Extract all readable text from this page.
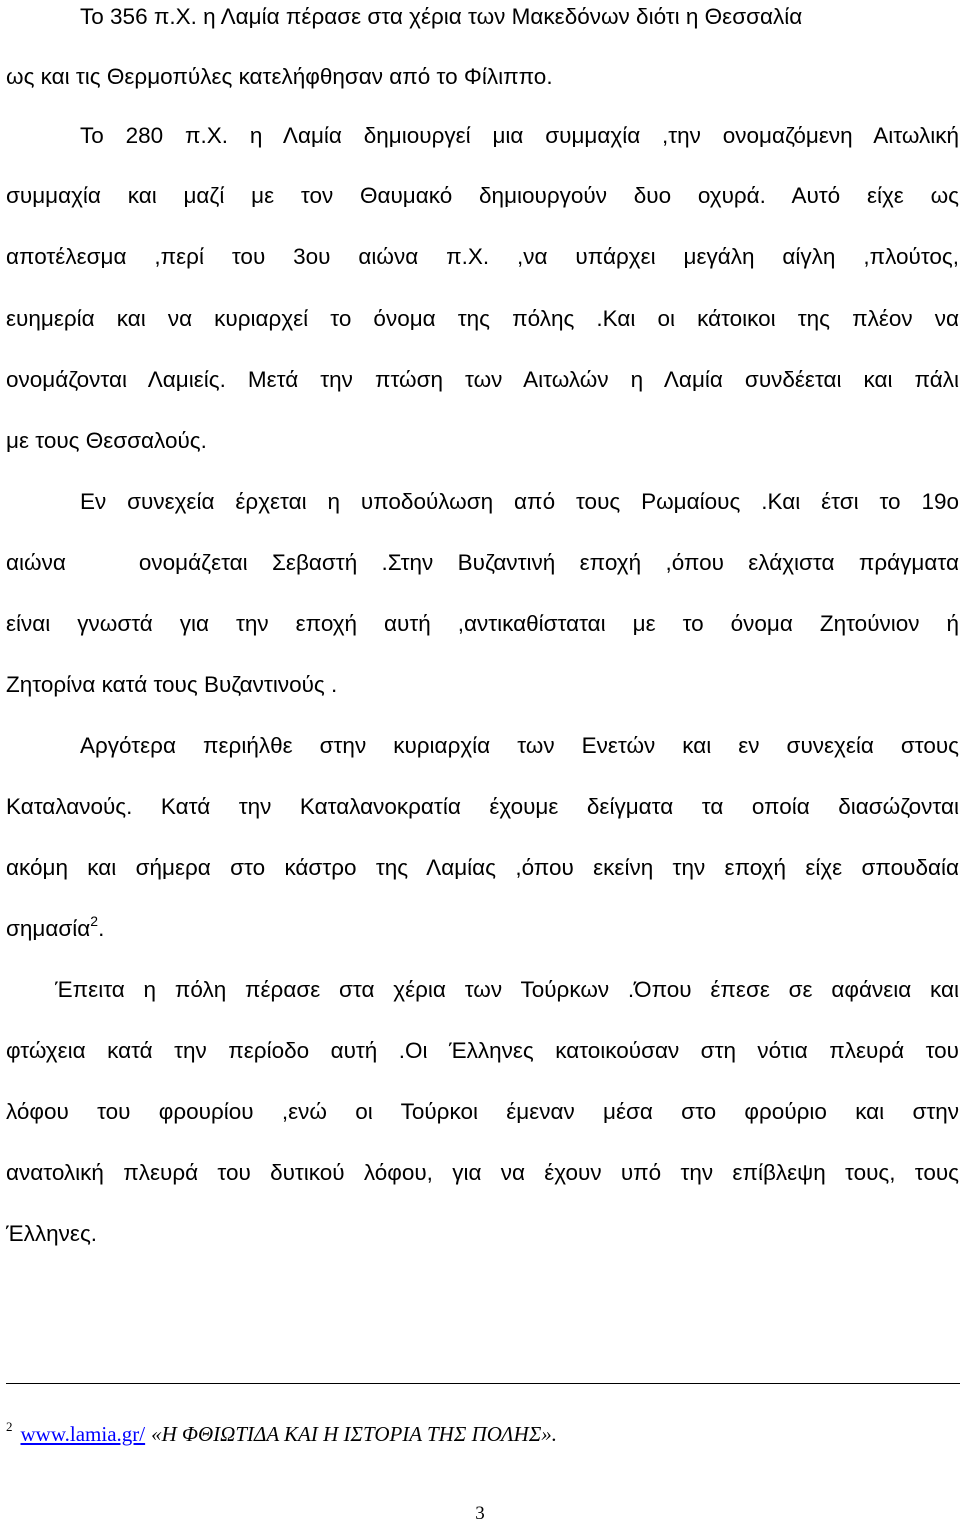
Το 356 π.Χ. η Λαμία πέρασε στα χέρια των Μακεδόνων διότι η Θεσσαλία
ως και τις Θερμοπύλες κατελήφθησαν από το Φίλιππο.
Το 280 π.Χ. η Λαμία δημιουργεί μια συμμαχία ,την ονομαζόμενη Αιτωλική
συμμαχία και μαζί με τον Θαυμακό δημιουργούν δυο οχυρά. Αυτό είχε ως
αποτέλεσμα ,περί του 3ου αιώνα π.Χ. ,να υπάρχει μεγάλη αίγλη ,πλούτος,
ευημερία και να κυριαρχεί το όνομα της πόλης .Και οι κάτοικοι της πλέον να
ονομάζονται Λαμιείς. Μετά την πτώση των Αιτωλών η Λαμία συνδέεται και πάλι
με τους Θεσσαλούς.
Εν συνεχεία έρχεται η υποδούλωση από τους Ρωμαίους .Και έτσι το 19ο
αιώνα   ονομάζεται Σεβαστή .Στην Βυζαντινή εποχή ,όπου ελάχιστα πράγματα
είναι γνωστά για την εποχή αυτή ,αντικαθίσταται με το όνομα Ζητούνιον ή
Ζητορίνα κατά τους Βυζαντινούς .
Αργότερα περιήλθε στην κυριαρχία των Ενετών και εν συνεχεία στους
Καταλανούς. Κατά την Καταλανοκρατία έχουμε δείγματα τα οποία διασώζονται
ακόμη και σήμερα στο κάστρο της Λαμίας ,όπου εκείνη την εποχή είχε σπουδαία
σημασία$^2$.
Έπειτα η πόλη πέρασε στα χέρια των Τούρκων .Όπου έπεσε σε αφάνεια και
φτώχεια κατά την περίοδο αυτή .Οι Έλληνες κατοικούσαν στη νότια πλευρά του
λόφου του φρουρίου ,ενώ οι Τούρκοι έμεναν μέσα στο φρούριο και στην
ανατολική πλευρά του δυτικού λόφου, για να έχουν υπό την επίβλεψη τους, τους
Έλληνες.
$^2$ www.lamia.gr/ «Η ΦΘΙΩΤΙΔΑ ΚΑΙ Η ΙΣΤΟΡΙΑ ΤΗΣ ΠΟΛΗΣ».
3
